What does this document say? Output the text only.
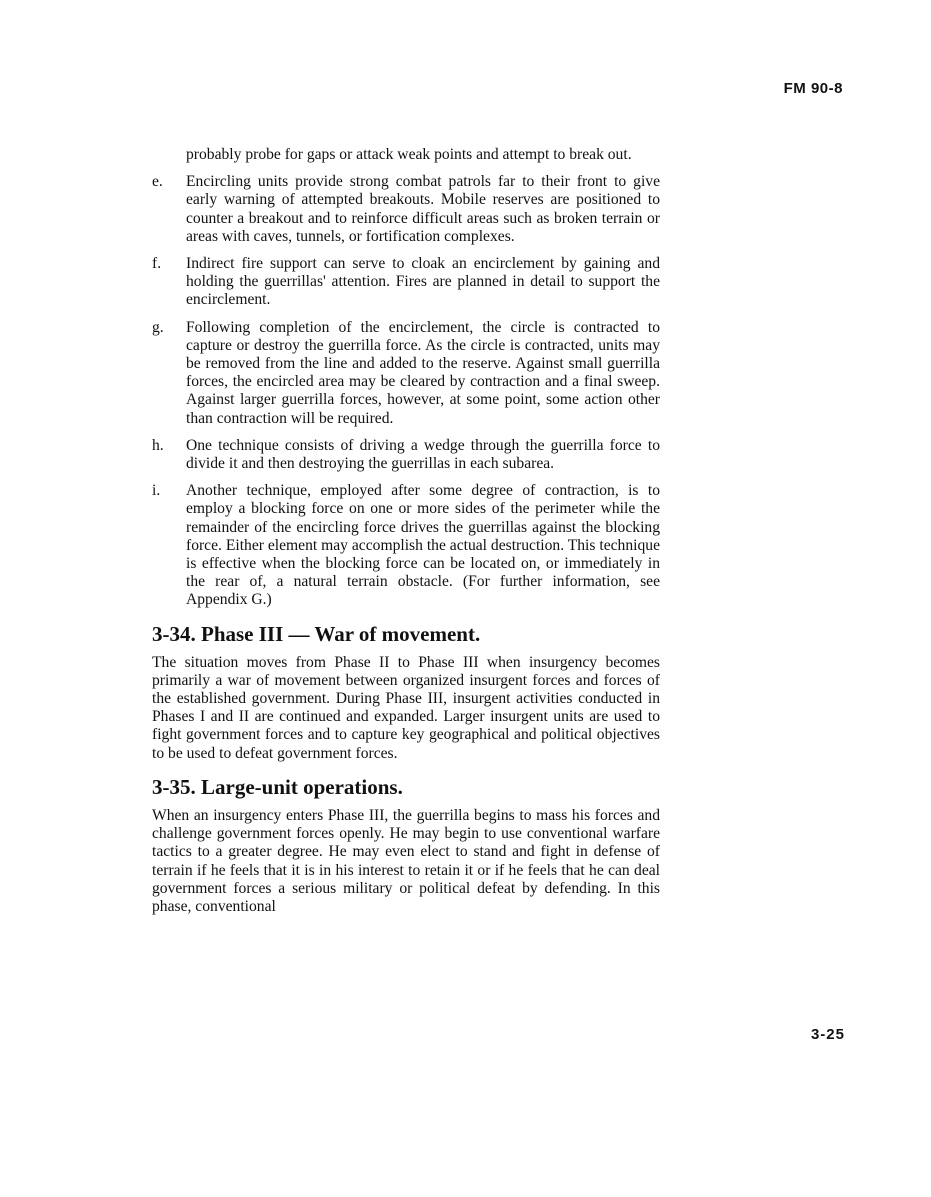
FM 90-8

probably probe for gaps or attack weak points and attempt to break out.

e.	Encircling units provide strong combat patrols far to their front to give early warning of attempted breakouts. Mobile reserves are positioned to counter a breakout and to reinforce difficult areas such as broken terrain or areas with caves, tunnels, or fortification complexes.
f.	Indirect fire support can serve to cloak an encirclement by gaining and holding the guerrillas' attention. Fires are planned in detail to support the encirclement.
g.	Following completion of the encirclement, the circle is contracted to capture or destroy the guerrilla force. As the circle is contracted, units may be removed from the line and added to the reserve. Against small guerrilla forces, the encircled area may be cleared by contraction and a final sweep. Against larger guerrilla forces, however, at some point, some action other than contraction will be required.
h.	One technique consists of driving a wedge through the guerrilla force to divide it and then destroying the guerrillas in each subarea.
i.	Another technique, employed after some degree of contraction, is to employ a blocking force on one or more sides of the perimeter while the remainder of the encircling force drives the guerrillas against the blocking force. Either element may accomplish the actual destruction. This technique is effective when the blocking force can be located on, or immediately in the rear of, a natural terrain obstacle. (For further information, see Appendix G.)
3-34. Phase III — War of movement.

The situation moves from Phase II to Phase III when insurgency becomes primarily a war of movement between organized insurgent forces and forces of the established government. During Phase III, insurgent activities conducted in Phases I and II are continued and expanded. Larger insurgent units are used to fight government forces and to capture key geographical and political objectives to be used to defeat government forces.

3-35. Large-unit operations.

When an insurgency enters Phase III, the guerrilla begins to mass his forces and challenge government forces openly. He may begin to use conventional warfare tactics to a greater degree. He may even elect to stand and fight in defense of terrain if he feels that it is in his interest to retain it or if he feels that he can deal government forces a serious military or political defeat by defending. In this phase, conventional

3-25
